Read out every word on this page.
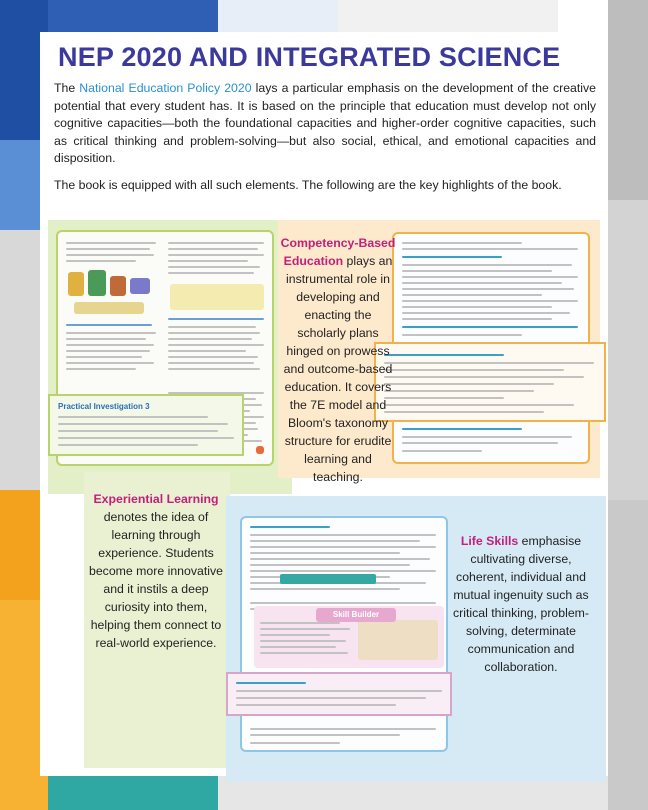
NEP 2020 AND INTEGRATED SCIENCE

The National Education Policy 2020 lays a particular emphasis on the development of the creative potential that every student has. It is based on the principle that education must develop not only cognitive capacities—both the foundational capacities and higher-order cognitive capacities, such as critical thinking and problem-solving—but also social, ethical, and emotional capacities and disposition.

The book is equipped with all such elements. The following are the key highlights of the book.

Practical Investigation 3
Skill Builder

Competency-Based Education plays an instrumental role in developing and enacting the scholarly plans hinged on prowess and outcome-based education. It covers the 7E model and Bloom's taxonomy structure for erudite learning and teaching.

Experiential Learning denotes the idea of learning through experience. Students become more innovative and it instils a deep curiosity into them, helping them connect to real-world experience.

Life Skills emphasise cultivating diverse, coherent, individual and mutual ingenuity such as critical thinking, problem-solving, determinate communication and collaboration.
